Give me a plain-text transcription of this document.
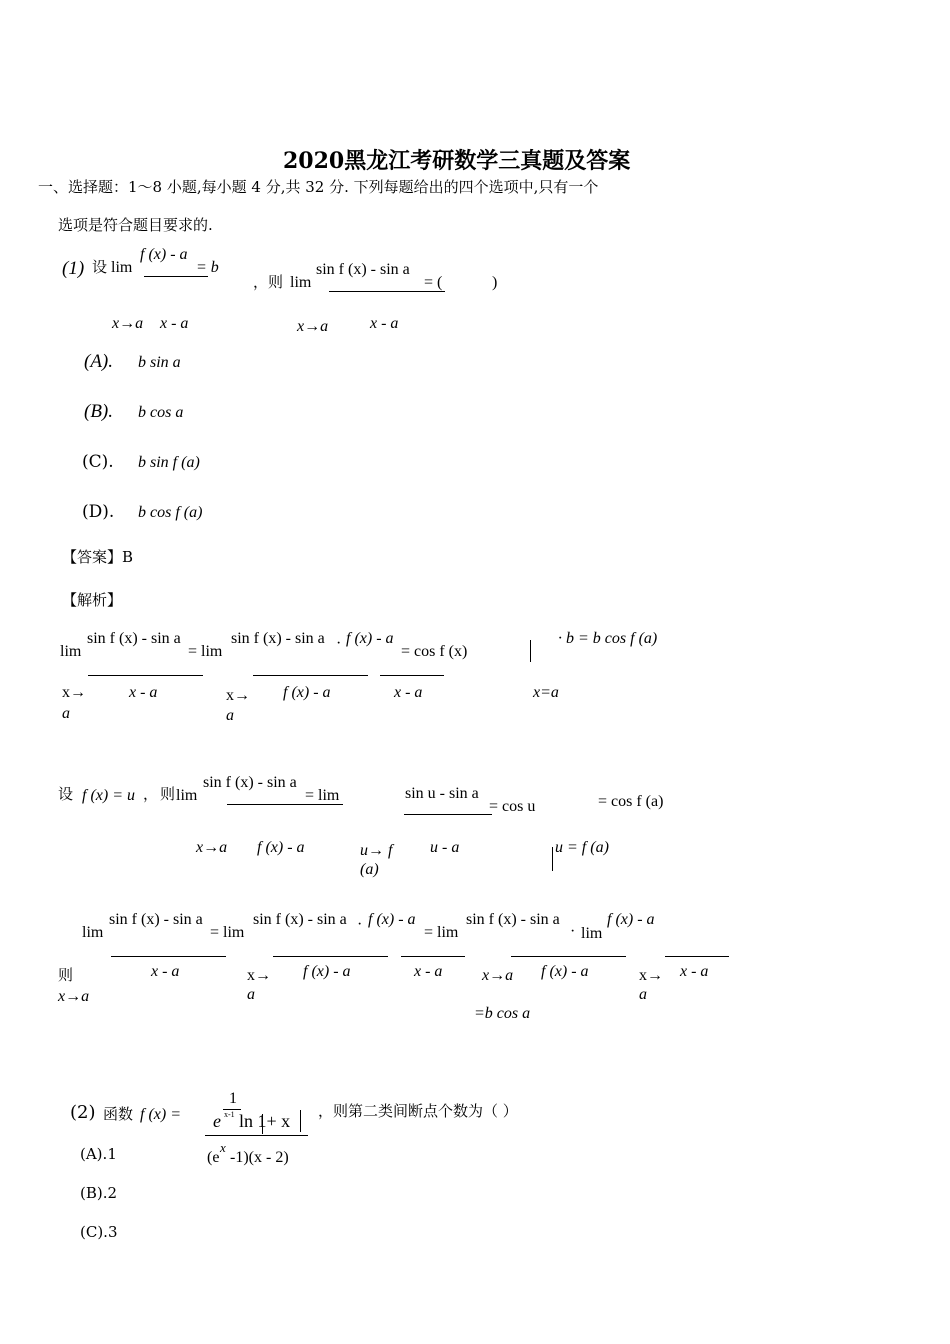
2020黑龙江考研数学三真题及答案
一、选择题：1～8 小题,每小题 4 分,共 32 分. 下列每题给出的四个选项中,只有一个
选项是符合题目要求的.
(1) 设 lim
f (x) - a
= b
x→a x - a
，则 lim
sin f (x) - sin a
= (	)
x→a	x - a
(A). b sin a
(B). b cos a
(C). b sin f (a)
(D). b cos f (a)
【答案】B
【解析】
lim
sin f (x) - sin a
= lim
x→
a
x - a
sin f (x) - sin a ·
f (x) - a
x→
a
f (x) - a
= cos f (x)
x - a
· b = b cos f (a)
x=a
设 f (x) = u ， 则 lim
sin f (x) - sin a
= lim
x→a f (x) - a	u→ f
(a)
sin u - sin a
= cos u
u - a
= cos f (a)
u = f (a)
lim
则
x→a
sin f (x) - sin a
= lim
x - a
sin f (x) - sin a ·
f (x) - a
x→
a
f (x) - a
= lim
x - a
sin f (x) - sin a
· lim
f (x) - a
x→a
f (x) - a
x - a
x→
a
=b cos a
(2) 函数 f (x) =
1
e x-1 ln 1+ x
(e
x
-1)(x - 2)
，则第二类间断点个数为（ ）
(A).1
(B).2
(C).3
